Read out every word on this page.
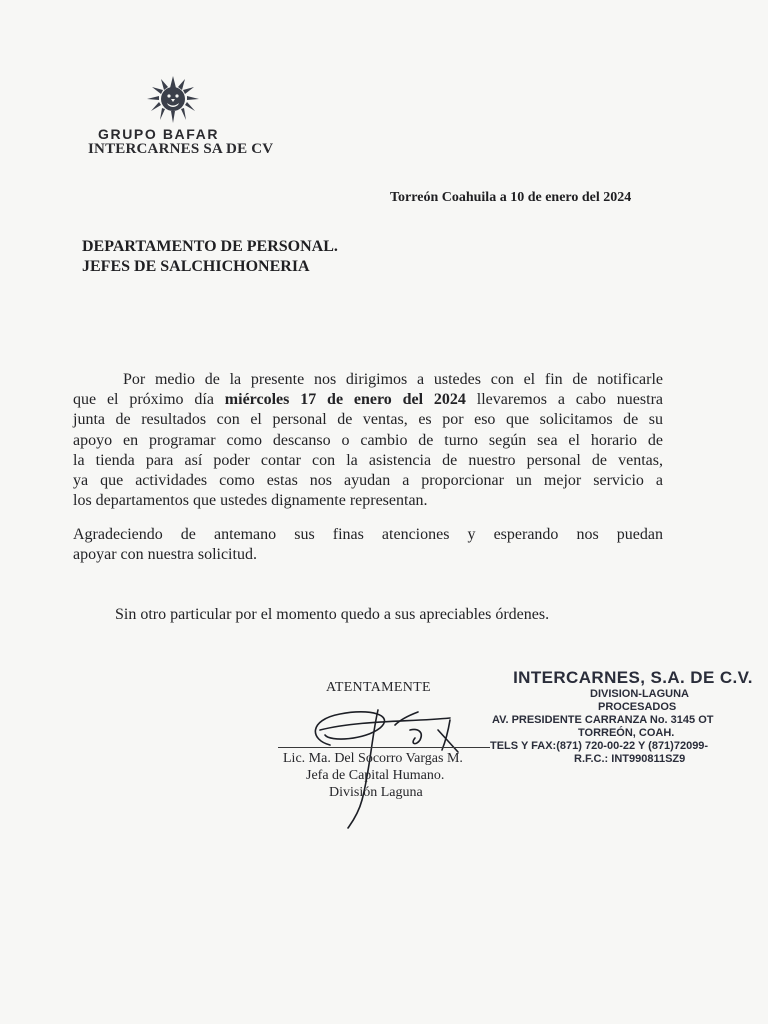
GRUPO BAFAR
INTERCARNES SA DE CV
Torreón Coahuila a 10 de enero del 2024
DEPARTAMENTO DE PERSONAL.
JEFES DE SALCHICHONERIA
Por medio de la presente nos dirigimos a ustedes con el fin de notificarle
que el próximo día miércoles 17 de enero del 2024 llevaremos a cabo nuestra
junta de resultados con el personal de ventas, es por eso que solicitamos de su
apoyo en programar como descanso o cambio de turno según sea el horario de
la tienda para así poder contar con la asistencia de nuestro personal de ventas,
ya que actividades como estas nos ayudan a proporcionar un mejor servicio a
los departamentos que ustedes dignamente representan.
Agradeciendo de antemano sus finas atenciones y esperando nos puedan
apoyar con nuestra solicitud.
Sin otro particular por el momento quedo a sus apreciables órdenes.
ATENTAMENTE
Lic. Ma. Del Socorro Vargas M.
Jefa de Capital Humano.
División Laguna
INTERCARNES, S.A. DE C.V.
DIVISION-LAGUNA
PROCESADOS
AV. PRESIDENTE CARRANZA No. 3145 OT
TORREÓN, COAH.
TELS Y FAX:(871) 720-00-22 Y (871)72099-
R.F.C.: INT990811SZ9
